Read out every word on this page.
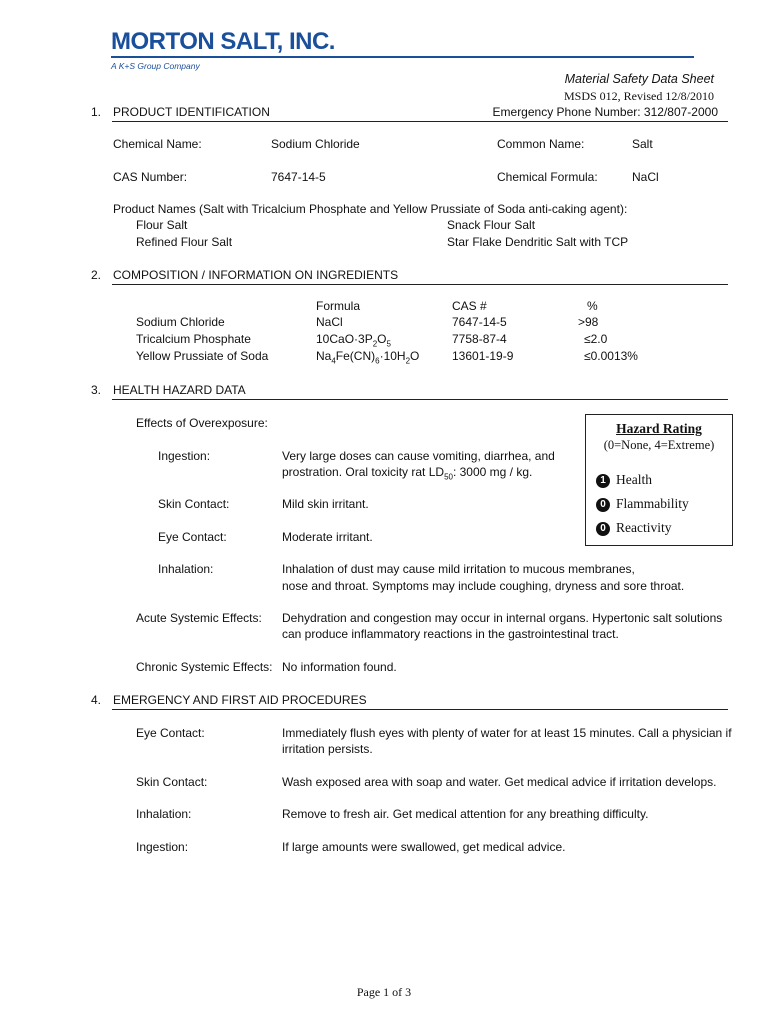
MORTON SALT, INC.
A K+S Group Company
Material Safety Data Sheet
MSDS 012, Revised 12/8/2010
1. PRODUCT IDENTIFICATION	Emergency Phone Number: 312/807-2000
Chemical Name:	Sodium Chloride	Common Name:	Salt
CAS Number:	7647-14-5	Chemical Formula:	NaCl
Product Names (Salt with Tricalcium Phosphate and Yellow Prussiate of Soda anti-caking agent):
Flour Salt	Snack Flour Salt
Refined Flour Salt	Star Flake Dendritic Salt with TCP
2. COMPOSITION / INFORMATION ON INGREDIENTS
Formula	CAS #	%
Sodium Chloride	NaCl	7647-14-5	>98
Tricalcium Phosphate	$10CaO\cdot 3P_2O_5$	7758-87-4	≤2.0
Yellow Prussiate of Soda	$Na_4Fe(CN)_6\cdot 10H_2O$	13601-19-9	≤0.0013%
3. HEALTH HAZARD DATA
Effects of Overexposure:
Ingestion:	Very large doses can cause vomiting, diarrhea, and
prostration. Oral toxicity rat $LD_{50}$: 3000 mg / kg.
Skin Contact:	Mild skin irritant.
Eye Contact:	Moderate irritant.
Inhalation:	Inhalation of dust may cause mild irritation to mucous membranes,
nose and throat. Symptoms may include coughing, dryness and sore throat.
Acute Systemic Effects: Dehydration and congestion may occur in internal organs. Hypertonic salt solutions
can produce inflammatory reactions in the gastrointestinal tract.
Chronic Systemic Effects: No information found.
Hazard Rating
(0=None, 4=Extreme)
1 Health
0 Flammability
0 Reactivity
4. EMERGENCY AND FIRST AID PROCEDURES
Eye Contact:	Immediately flush eyes with plenty of water for at least 15 minutes. Call a physician if
irritation persists.
Skin Contact:	Wash exposed area with soap and water. Get medical advice if irritation develops.
Inhalation:	Remove to fresh air. Get medical attention for any breathing difficulty.
Ingestion:	If large amounts were swallowed, get medical advice.
Page 1 of 3
